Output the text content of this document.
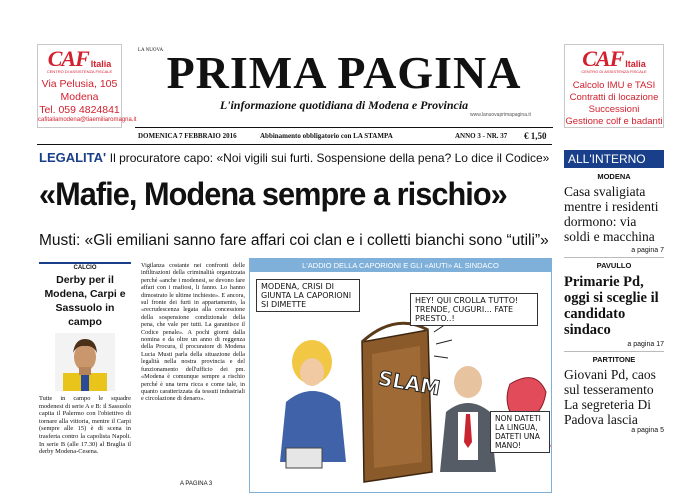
CAF Italia
CENTRO DI ASSISTENZA FISCALE
Via Pelusia, 105
Modena
Tel. 059 4824841
cafitaliamodena@tiaemiliaromagna.it
LA NUOVA PRIMA PAGINA
L'informazione quotidiana di Modena e Provincia
www.lanuovaprimapagina.it
DOMENICA 7 FEBBRAIO 2016	Abbinamento obbligatorio con LA STAMPA	ANNO 3 - NR. 37 € 1,50
CAF Italia
CENTRO DI ASSISTENZA FISCALE
Calcolo IMU e TASI
Contratti di locazione
Successioni
Gestione colf e badanti
LEGALITA' Il procuratore capo: «Noi vigili sui furti. Sospensione della pena? Lo dice il Codice»
«Mafie, Modena sempre a rischio»
Musti: «Gli emiliani sanno fare affari coi clan e i colletti bianchi sono “utili”»
CALCIO
Derby per il Modena, Carpi e Sassuolo in campo
Tutte in campo le squadre modenesi di serie A e B: il Sassuolo capita il Palermo con l'obiettivo di tornare alla vittoria, mentre il Carpi (sempre alle 15) è di scena in trasferta contro la capolista Napoli. In serie B (alle 17.30) al Braglia il derby Modena-Cesena.
Vigilanza costante nei confronti delle infiltrazioni della criminalità organizzata perché «anche i modenesi, se devono fare affari con i mafiosi, li fanno. Lo hanno dimostrato le ultime inchieste». E ancora, sul fronte dei furti in appartamento, la «recrudescenza legata alla concessione della sospensione condizionale della pena, che vale per tutti. La garantisce il Codice penale». A pochi giorni dalla nomina e da oltre un anno di reggenza della Procura, il procuratore di Modena Lucia Musti parla della situazione della legalità nella nostra provincia e del funzionamento dell'ufficio dei pm. «Modena è comunque sempre a rischio perché è una terra ricca e come tale, in quanto caratterizzata da tessuti industriali e circolazione di denaro».
A PAGINA 3
L'ADDIO DELLA CAPORIONI E GLI «AIUTI» AL SINDACO
MODENA, CRISI DI GIUNTA LA CAPORIONI SI DIMETTE	HEY! QUI CROLLA TUTTO! TRENDE, CUGURI... FATE PRESTO..!
SLAM
NON DATETI LA LINGUA, DATETI UNA MANO!
ALL'INTERNO
MODENA
Casa svaligiata mentre i residenti dormono: via soldi e macchina
a pagina 7
PAVULLO
Primarie Pd, oggi si sceglie il candidato sindaco
a pagina 17
PARTITONE
Giovani Pd, caos sul tesseramento La segreteria Di Padova lascia
a pagina 5
